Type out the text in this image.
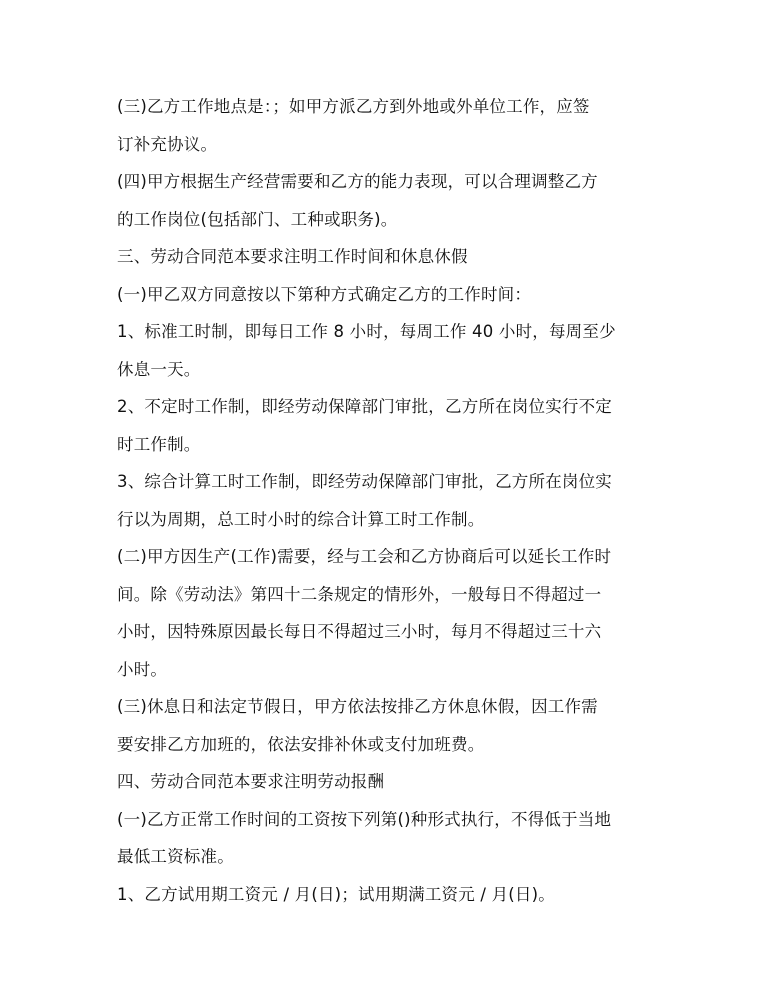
(三)乙方工作地点是：；如甲方派乙方到外地或外单位工作，应签
订补充协议。
(四)甲方根据生产经营需要和乙方的能力表现，可以合理调整乙方
的工作岗位(包括部门、工种或职务)。
三、劳动合同范本要求注明工作时间和休息休假
(一)甲乙双方同意按以下第种方式确定乙方的工作时间：
1、标准工时制，即每日工作 8 小时，每周工作 40 小时，每周至少
休息一天。
2、不定时工作制，即经劳动保障部门审批，乙方所在岗位实行不定
时工作制。
3、综合计算工时工作制，即经劳动保障部门审批，乙方所在岗位实
行以为周期，总工时小时的综合计算工时工作制。
(二)甲方因生产(工作)需要，经与工会和乙方协商后可以延长工作时
间。除《劳动法》第四十二条规定的情形外，一般每日不得超过一
小时，因特殊原因最长每日不得超过三小时，每月不得超过三十六
小时。
(三)休息日和法定节假日，甲方依法按排乙方休息休假，因工作需
要安排乙方加班的，依法安排补休或支付加班费。
四、劳动合同范本要求注明劳动报酬
(一)乙方正常工作时间的工资按下列第()种形式执行，不得低于当地
最低工资标准。
1、乙方试用期工资元 / 月(日)；试用期满工资元 / 月(日)。
